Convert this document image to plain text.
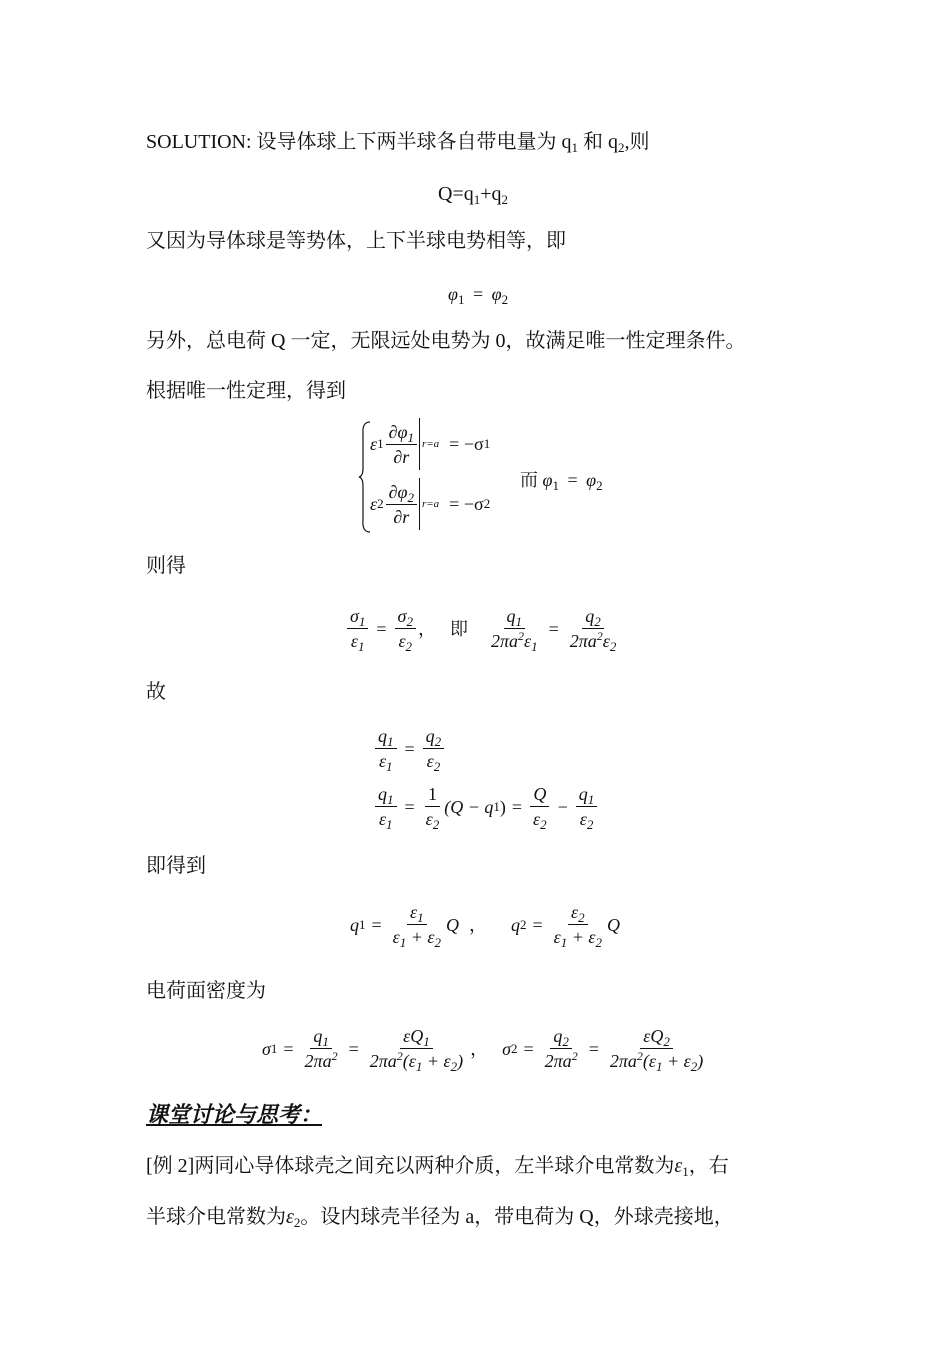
SOLUTION: 设导体球上下两半球各自带电量为 $q_1$ 和 $q_2$,则
$Q=q_1+q_2$
又因为导体球是等势体，上下半球电势相等，即
$\varphi_1 = \varphi_2$
另外，总电荷 Q 一定，无限远处电势为 0，故满足唯一性定理条件。
根据唯一性定理，得到
ε $1 \frac{\partial\varphi_1}{\partial r} r=a = -\sigma$ 1
ε $2 \frac{\partial\varphi_2}{\partial r} r=a = -\sigma$ 2
而 $\varphi_1 = \varphi_2$
则得
$\frac{\sigma_1}{\varepsilon_1} = \frac{\sigma_2}{\varepsilon_2}$ ， 即 $\frac{q_1}{2\pi a^2\varepsilon_1} = \frac{q_2}{2\pi a^2\varepsilon_2}$
故
$\frac{q_1}{\varepsilon_1} = \frac{q_2}{\varepsilon_2}$
$\frac{q_1}{\varepsilon_1} = \frac{1}{\varepsilon_2} (Q - q$ 1 ) = $\frac{Q}{\varepsilon_2} - \frac{q_1}{\varepsilon_2}$
即得到
q $1 = \frac{\varepsilon_1}{\varepsilon_1 + \varepsilon_2}$ Q ， q $2 = \frac{\varepsilon_2}{\varepsilon_1 + \varepsilon_2}$ Q
电荷面密度为
σ $1 = \frac{q_1}{2\pi a^2} = \frac{\varepsilon Q_1}{2\pi a^2(\varepsilon_1 + \varepsilon_2)}$ ， σ $2 = \frac{q_2}{2\pi a^2} = \frac{\varepsilon Q_2}{2\pi a^2(\varepsilon_1 + \varepsilon_2)}$
课堂讨论与思考：
[例 2]两同心导体球壳之间充以两种介质，左半球介电常数为$\varepsilon_1$，右
半球介电常数为$\varepsilon_2$。设内球壳半径为 a，带电荷为 Q，外球壳接地，
